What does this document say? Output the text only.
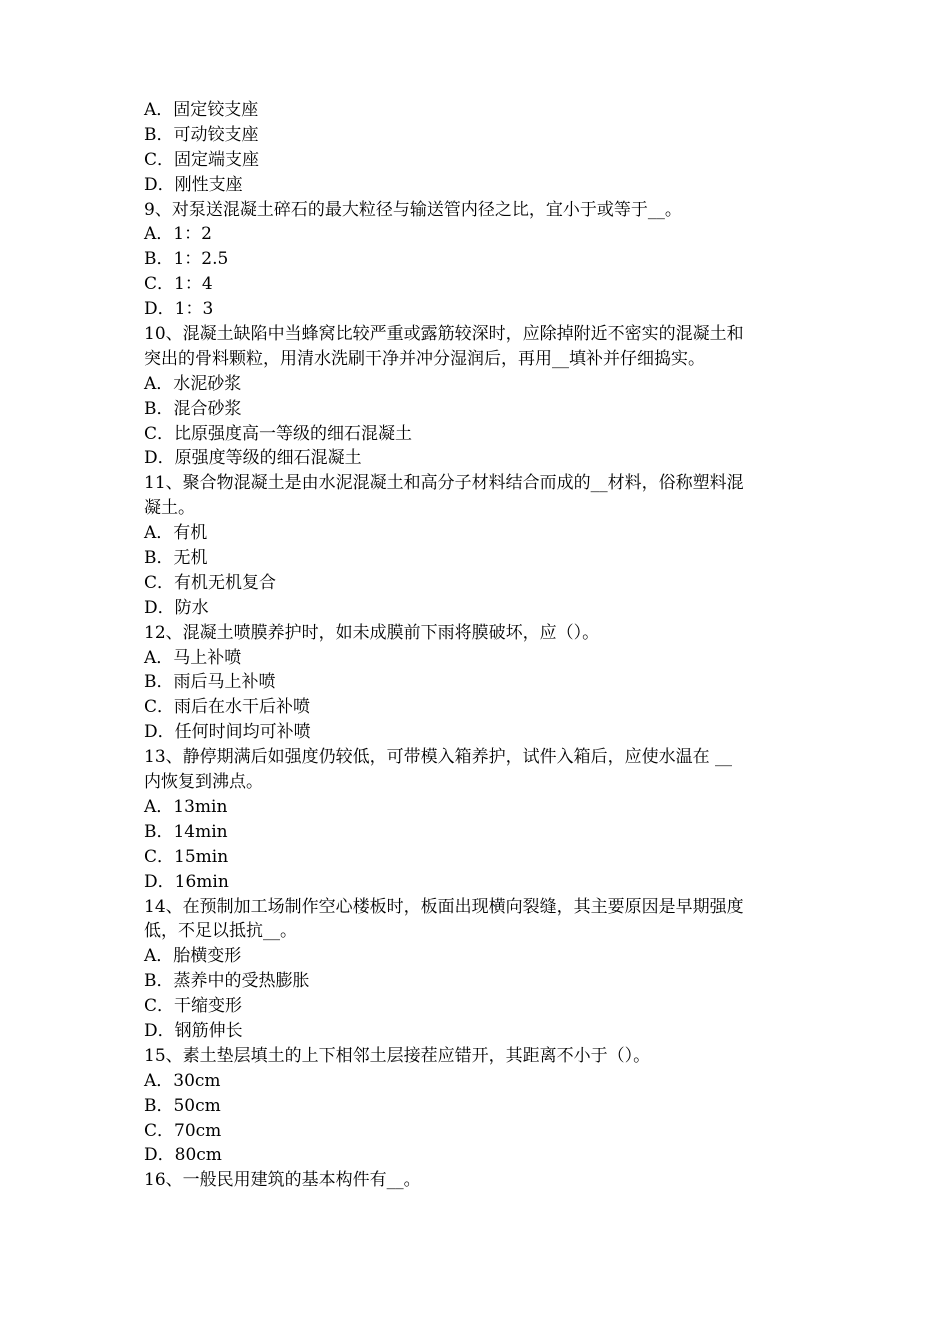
A．固定铰支座
B．可动铰支座
C．固定端支座
D．刚性支座
9、对泵送混凝土碎石的最大粒径与输送管内径之比，宜小于或等于__。
A．1：2
B．1：2.5
C．1：4
D．1：3
10、混凝土缺陷中当蜂窝比较严重或露筋较深时，应除掉附近不密实的混凝土和
突出的骨料颗粒，用清水洗刷干净并冲分湿润后，再用__填补并仔细捣实。
A．水泥砂浆
B．混合砂浆
C．比原强度高一等级的细石混凝土
D．原强度等级的细石混凝土
11、聚合物混凝土是由水泥混凝土和高分子材料结合而成的__材料，俗称塑料混
凝土。
A．有机
B．无机
C．有机无机复合
D．防水
12、混凝土喷膜养护时，如未成膜前下雨将膜破坏，应（）。
A．马上补喷
B．雨后马上补喷
C．雨后在水干后补喷
D．任何时间均可补喷
13、静停期满后如强度仍较低，可带模入箱养护，试件入箱后，应使水温在 __
内恢复到沸点。
A．13min
B．14min
C．15min
D．16min
14、在预制加工场制作空心楼板时，板面出现横向裂缝，其主要原因是早期强度
低，不足以抵抗__。
A．胎横变形
B．蒸养中的受热膨胀
C．干缩变形
D．钢筋伸长
15、素土垫层填土的上下相邻土层接茬应错开，其距离不小于（）。
A．30cm
B．50cm
C．70cm
D．80cm
16、一般民用建筑的基本构件有__。
